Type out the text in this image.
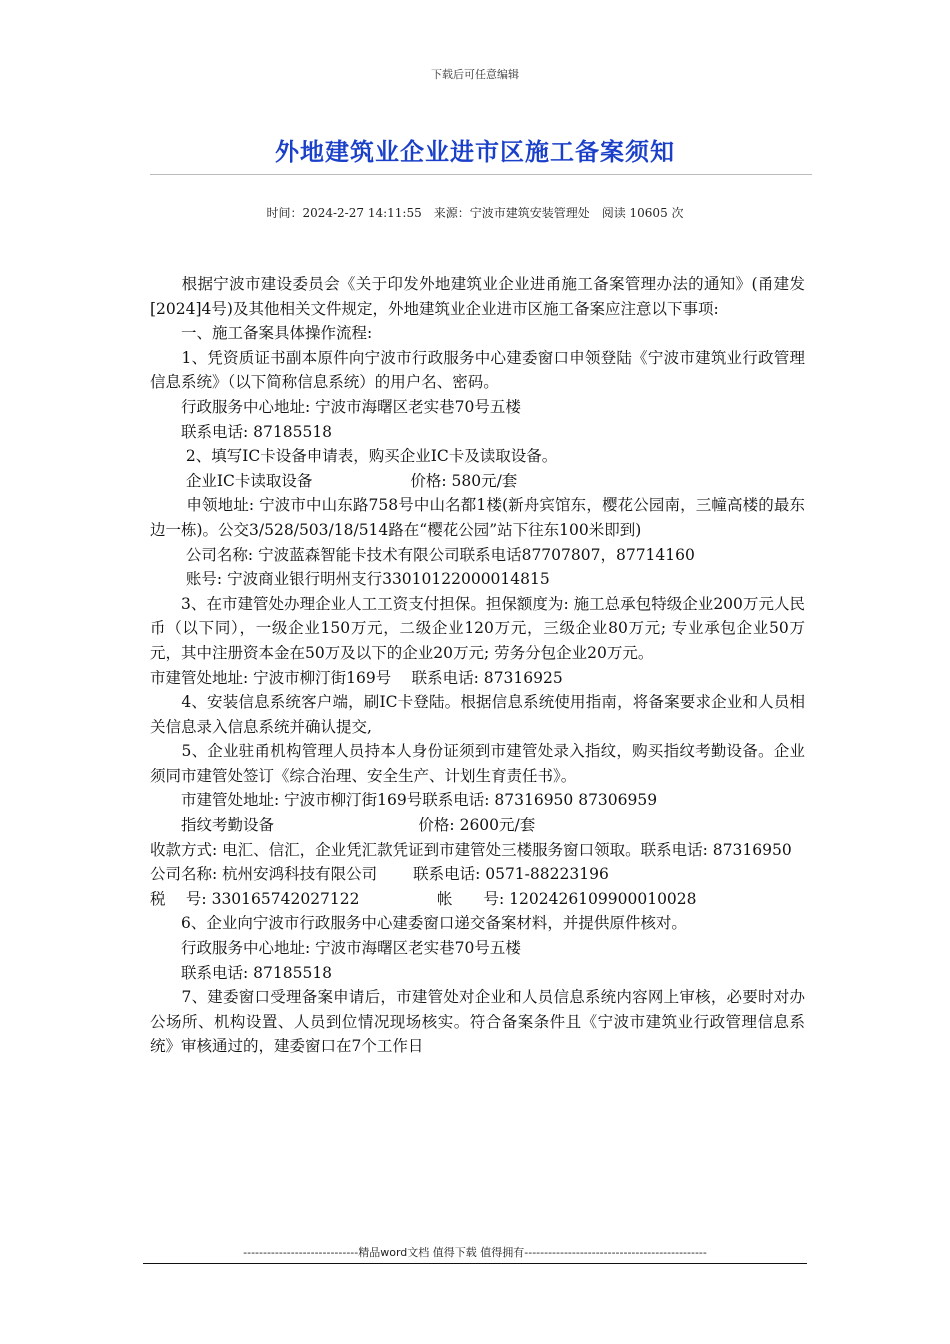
下载后可任意编辑
外地建筑业企业进市区施工备案须知
时间：2024-2-27 14:11:55　来源：宁波市建筑安装管理处　阅读 10605 次

　　根据宁波市建设委员会《关于印发外地建筑业企业进甬施工备案管理办法的通知》(甬建发[2024]4号)及其他相关文件规定，外地建筑业企业进市区施工备案应注意以下事项:

　　一、施工备案具体操作流程:

　　1、凭资质证书副本原件向宁波市行政服务中心建委窗口申领登陆《宁波市建筑业行政管理信息系统》（以下简称信息系统）的用户名、密码。

　　行政服务中心地址: 宁波市海曙区老实巷70号五楼

　　联系电话: 87185518

　　 2、填写IC卡设备申请表，购买企业IC卡及读取设备。

　　 企业IC卡读取设备　　　　　　 价格: 580元/套

　　 申领地址: 宁波市中山东路758号中山名都1楼(新舟宾馆东，樱花公园南，三幢高楼的最东边一栋)。公交3/528/503/18/514路在“樱花公园”站下往东100米即到)

　　 公司名称: 宁波蓝森智能卡技术有限公司联系电话87707807，87714160

　　 账号: 宁波商业银行明州支行33010122000014815

　　3、在市建管处办理企业人工工资支付担保。担保额度为: 施工总承包特级企业200万元人民币（以下同），一级企业150万元，二级企业120万元，三级企业80万元; 专业承包企业50万元，其中注册资本金在50万及以下的企业20万元; 劳务分包企业20万元。

市建管处地址: 宁波市柳汀街169号　 联系电话: 87316925

　　4、安装信息系统客户端，刷IC卡登陆。根据信息系统使用指南，将备案要求企业和人员相关信息录入信息系统并确认提交,

　　5、企业驻甬机构管理人员持本人身份证须到市建管处录入指纹，购买指纹考勤设备。企业须同市建管处签订《综合治理、安全生产、计划生育责任书》。

　　市建管处地址: 宁波市柳汀街169号联系电话: 87316950 87306959

　　指纹考勤设备　　　　　　　　　 价格: 2600元/套

收款方式: 电汇、信汇，企业凭汇款凭证到市建管处三楼服务窗口领取。联系电话: 87316950

公司名称: 杭州安鸿科技有限公司　　 联系电话: 0571-88223196

税　 号: 330165742027122　　　　　帐　　号: 1202426109900010028

　　6、企业向宁波市行政服务中心建委窗口递交备案材料，并提供原件核对。

　　行政服务中心地址: 宁波市海曙区老实巷70号五楼

　　联系电话: 87185518

　　7、建委窗口受理备案申请后，市建管处对企业和人员信息系统内容网上审核，必要时对办公场所、机构设置、人员到位情况现场核实。符合备案条件且《宁波市建筑业行政管理信息系统》审核通过的，建委窗口在7个工作日

-----------------------------精品word文档 值得下载 值得拥有----------------------------------------------
